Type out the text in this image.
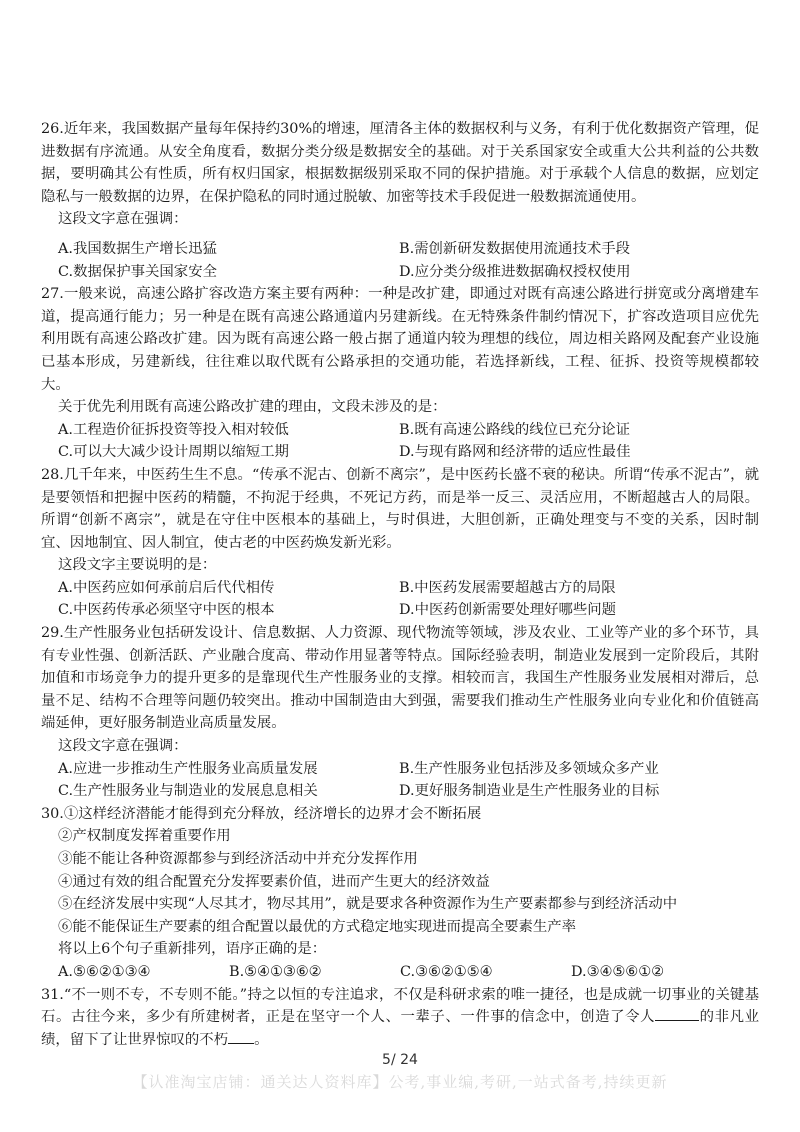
26.近年来，我国数据产量每年保持约30%的增速，厘清各主体的数据权利与义务，有利于优化数据资产管理，促进数据有序流通。从安全角度看，数据分类分级是数据安全的基础。对于关系国家安全或重大公共利益的公共数据，要明确其公有性质，所有权归国家，根据数据级别采取不同的保护措施。对于承载个人信息的数据，应划定隐私与一般数据的边界，在保护隐私的同时通过脱敏、加密等技术手段促进一般数据流通使用。
这段文字意在强调：
A.我国数据生产增长迅猛	B.需创新研发数据使用流通技术手段
C.数据保护事关国家安全	D.应分类分级推进数据确权授权使用
27.一般来说，高速公路扩容改造方案主要有两种：一种是改扩建，即通过对既有高速公路进行拼宽或分离增建车道，提高通行能力；另一种是在既有高速公路通道内另建新线。在无特殊条件制约情况下，扩容改造项目应优先利用既有高速公路改扩建。因为既有高速公路一般占据了通道内较为理想的线位，周边相关路网及配套产业设施已基本形成，另建新线，往往难以取代既有公路承担的交通功能，若选择新线，工程、征拆、投资等规模都较大。
关于优先利用既有高速公路改扩建的理由，文段未涉及的是：
A.工程造价征拆投资等投入相对较低	B.既有高速公路线的线位已充分论证
C.可以大大减少设计周期以缩短工期	D.与现有路网和经济带的适应性最佳
28.几千年来，中医药生生不息。“传承不泥古、创新不离宗”，是中医药长盛不衰的秘诀。所谓“传承不泥古”，就是要领悟和把握中医药的精髓，不拘泥于经典，不死记方药，而是举一反三、灵活应用，不断超越古人的局限。所谓“创新不离宗”，就是在守住中医根本的基础上，与时俱进，大胆创新，正确处理变与不变的关系，因时制宜、因地制宜、因人制宜，使古老的中医药焕发新光彩。
这段文字主要说明的是：
A.中医药应如何承前启后代代相传	B.中医药发展需要超越古方的局限
C.中医药传承必须坚守中医的根本	D.中医药创新需要处理好哪些问题
29.生产性服务业包括研发设计、信息数据、人力资源、现代物流等领域，涉及农业、工业等产业的多个环节，具有专业性强、创新活跃、产业融合度高、带动作用显著等特点。国际经验表明，制造业发展到一定阶段后，其附加值和市场竞争力的提升更多的是靠现代生产性服务业的支撑。相较而言，我国生产性服务业发展相对滞后，总量不足、结构不合理等问题仍较突出。推动中国制造由大到强，需要我们推动生产性服务业向专业化和价值链高端延伸，更好服务制造业高质量发展。
这段文字意在强调：
A.应进一步推动生产性服务业高质量发展	B.生产性服务业包括涉及多领域众多产业
C.生产性服务业与制造业的发展息息相关	D.更好服务制造业是生产性服务业的目标
30.①这样经济潜能才能得到充分释放，经济增长的边界才会不断拓展
②产权制度发挥着重要作用
③能不能让各种资源都参与到经济活动中并充分发挥作用
④通过有效的组合配置充分发挥要素价值，进而产生更大的经济效益
⑤在经济发展中实现“人尽其才，物尽其用”，就是要求各种资源作为生产要素都参与到经济活动中
⑥能不能保证生产要素的组合配置以最优的方式稳定地实现进而提高全要素生产率
将以上6个句子重新排列，语序正确的是：
A.⑤⑥②①③④	B.⑤④①③⑥②	C.③⑥②①⑤④	D.③④⑤⑥①②
31.“不一则不专，不专则不能。”持之以恒的专注追求，不仅是科研求索的唯一捷径，也是成就一切事业的关键基石。古往今来，多少有所建树者，正是在坚守一个人、一辈子、一件事的信念中，创造了令人	的非凡业绩，留下了让世界惊叹的不朽 。
5/ 24
【认准淘宝店铺：通关达人资料库】公考,事业编,考研,一站式备考,持续更新
